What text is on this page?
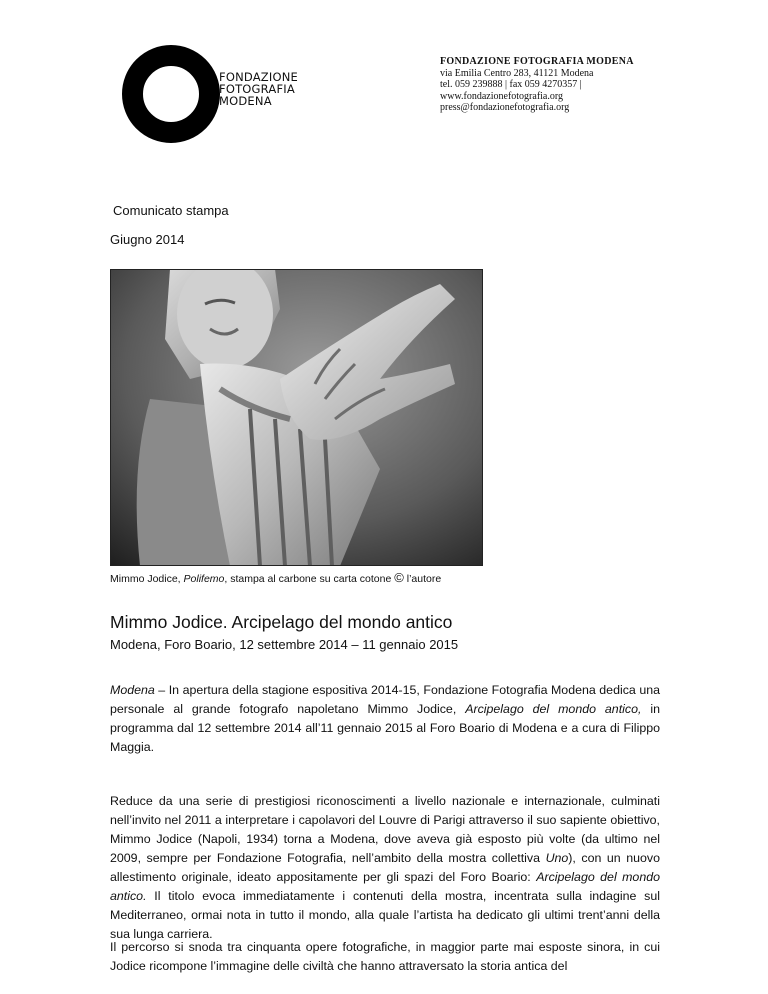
FONDAZIONE
FOTOGRAFIA
MODENA
FONDAZIONE FOTOGRAFIA MODENA
via Emilia Centro 283, 41121 Modena
tel. 059 239888 | fax 059 4270357 |
www.fondazionefotografia.org
press@fondazionefotografia.org
Comunicato stampa
Giugno 2014
Mimmo Jodice, Polifemo, stampa al carbone su carta cotone © l’autore
Mimmo Jodice. Arcipelago del mondo antico
Modena, Foro Boario, 12 settembre 2014 – 11 gennaio 2015
Modena – In apertura della stagione espositiva 2014-15, Fondazione Fotografia Modena dedica una personale al grande fotografo napoletano Mimmo Jodice, Arcipelago del mondo antico, in programma dal 12 settembre 2014 all’11 gennaio 2015 al Foro Boario di Modena e a cura di Filippo Maggia.
Reduce da una serie di prestigiosi riconoscimenti a livello nazionale e internazionale, culminati nell’invito nel 2011 a interpretare i capolavori del Louvre di Parigi attraverso il suo sapiente obiettivo, Mimmo Jodice (Napoli, 1934) torna a Modena, dove aveva già esposto più volte (da ultimo nel 2009, sempre per Fondazione Fotografia, nell’ambito della mostra collettiva Uno), con un nuovo allestimento originale, ideato appositamente per gli spazi del Foro Boario: Arcipelago del mondo antico. Il titolo evoca immediatamente i contenuti della mostra, incentrata sulla indagine sul Mediterraneo, ormai nota in tutto il mondo, alla quale l’artista ha dedicato gli ultimi trent’anni della sua lunga carriera.
Il percorso si snoda tra cinquanta opere fotografiche, in maggior parte mai esposte sinora, in cui Jodice ricompone l’immagine delle civiltà che hanno attraversato la storia antica del
